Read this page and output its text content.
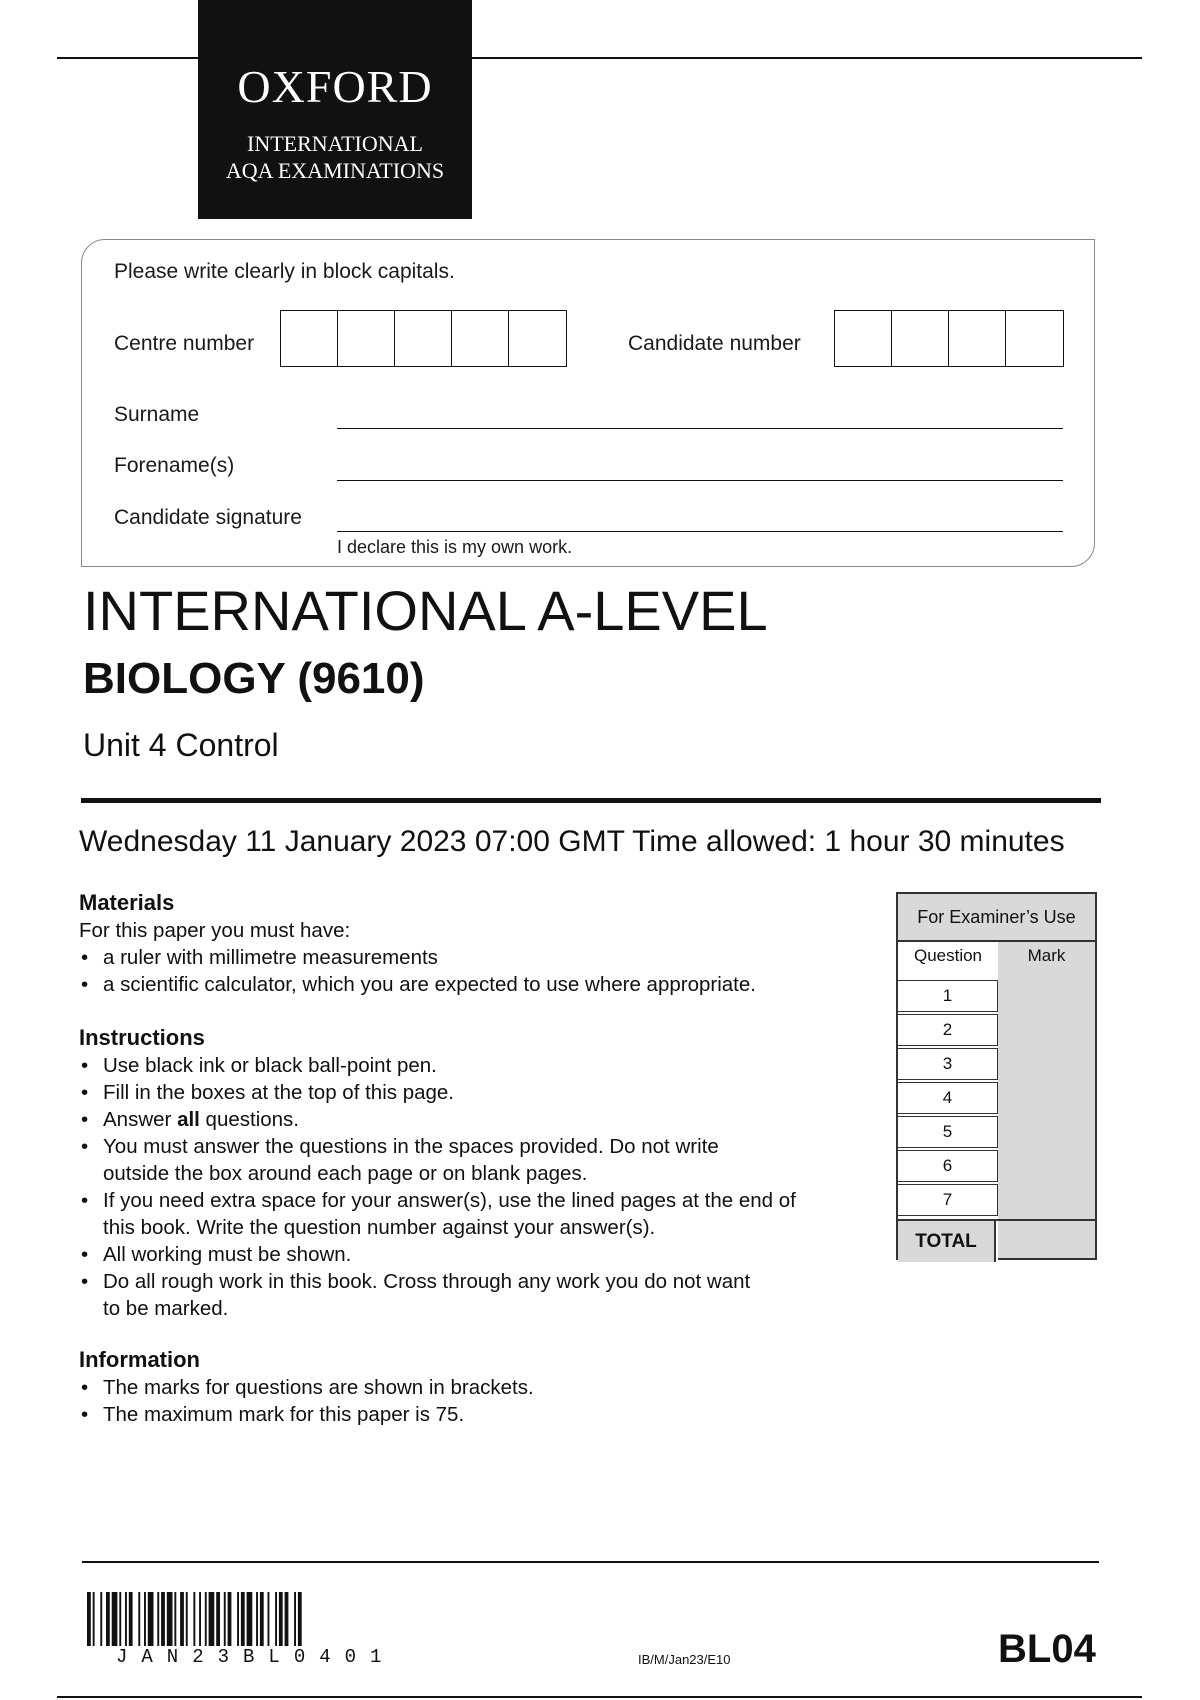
OXFORD
INTERNATIONAL
AQA EXAMINATIONS
Please write clearly in block capitals.
Centre number	Candidate number
Surname
Forename(s)
Candidate signature
I declare this is my own work.
INTERNATIONAL A-LEVEL
BIOLOGY (9610)
Unit 4 Control
Wednesday 11 January 2023 07:00 GMT Time allowed: 1 hour 30 minutes
Materials
For this paper you must have:
• a ruler with millimetre measurements
• a scientific calculator, which you are expected to use where appropriate.
Instructions
• Use black ink or black ball-point pen.
• Fill in the boxes at the top of this page.
• Answer all questions.
• You must answer the questions in the spaces provided. Do not write
outside the box around each page or on blank pages.
• If you need extra space for your answer(s), use the lined pages at the end of
this book. Write the question number against your answer(s).
• All working must be shown.
• Do all rough work in this book. Cross through any work you do not want
to be marked.
Information
• The marks for questions are shown in brackets.
• The maximum mark for this paper is 75.
For Examiner’s Use
Question	Mark
1
2
3
4
5
6
7
TOTAL
JAN23BL0401	IB/M/Jan23/E10	BL04
